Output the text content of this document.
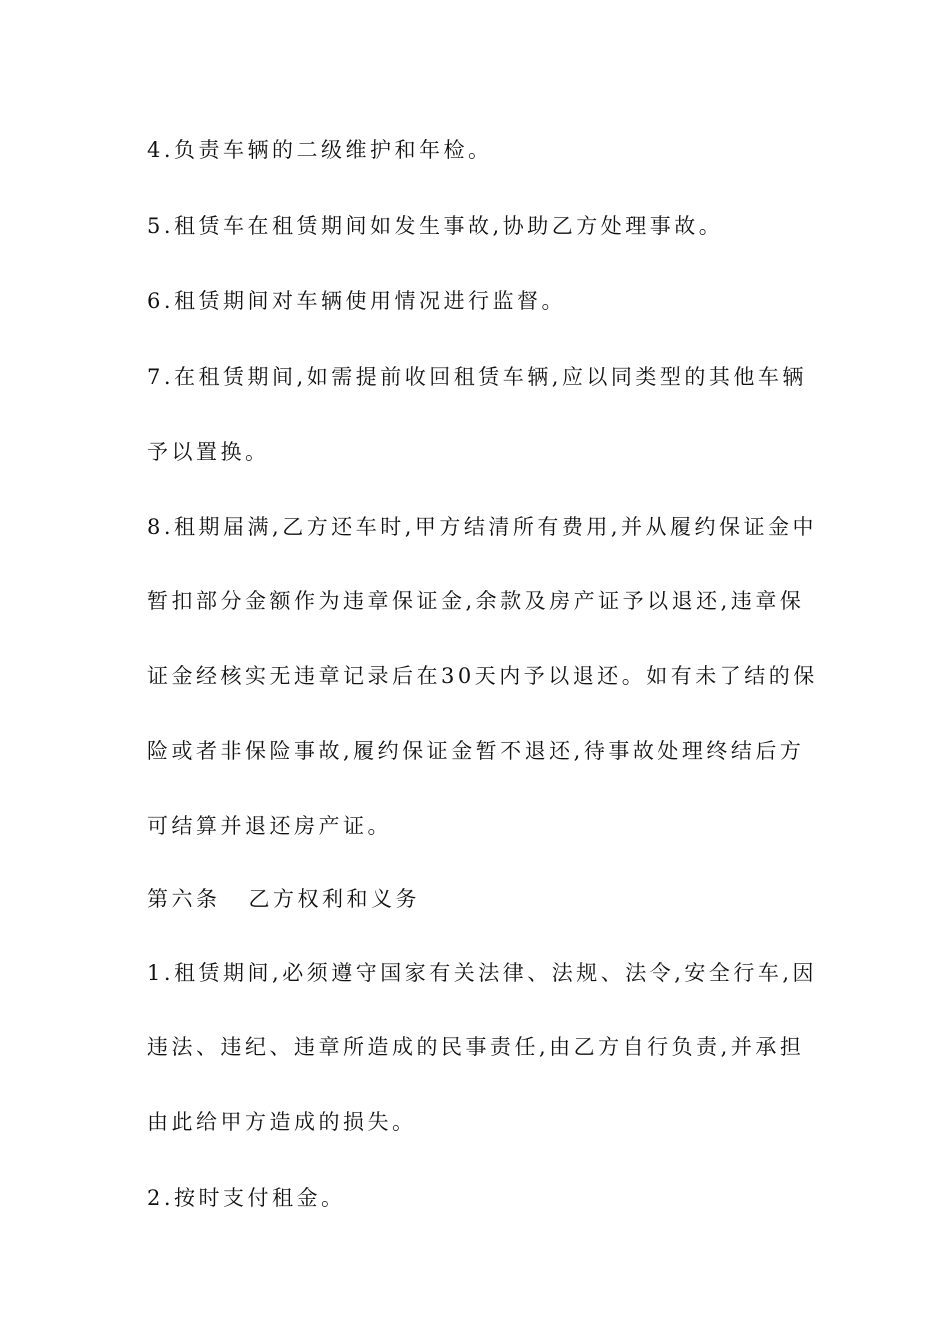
4.负责车辆的二级维护和年检。
5.租赁车在租赁期间如发生事故,协助乙方处理事故。
6.租赁期间对车辆使用情况进行监督。
7.在租赁期间,如需提前收回租赁车辆,应以同类型的其他车辆
予以置换。
8.租期届满,乙方还车时,甲方结清所有费用,并从履约保证金中
暂扣部分金额作为违章保证金,余款及房产证予以退还,违章保
证金经核实无违章记录后在30天内予以退还。如有未了结的保
险或者非保险事故,履约保证金暂不退还,待事故处理终结后方
可结算并退还房产证。
第六条 乙方权利和义务
1.租赁期间,必须遵守国家有关法律、法规、法令,安全行车,因
违法、违纪、违章所造成的民事责任,由乙方自行负责,并承担
由此给甲方造成的损失。
2.按时支付租金。
